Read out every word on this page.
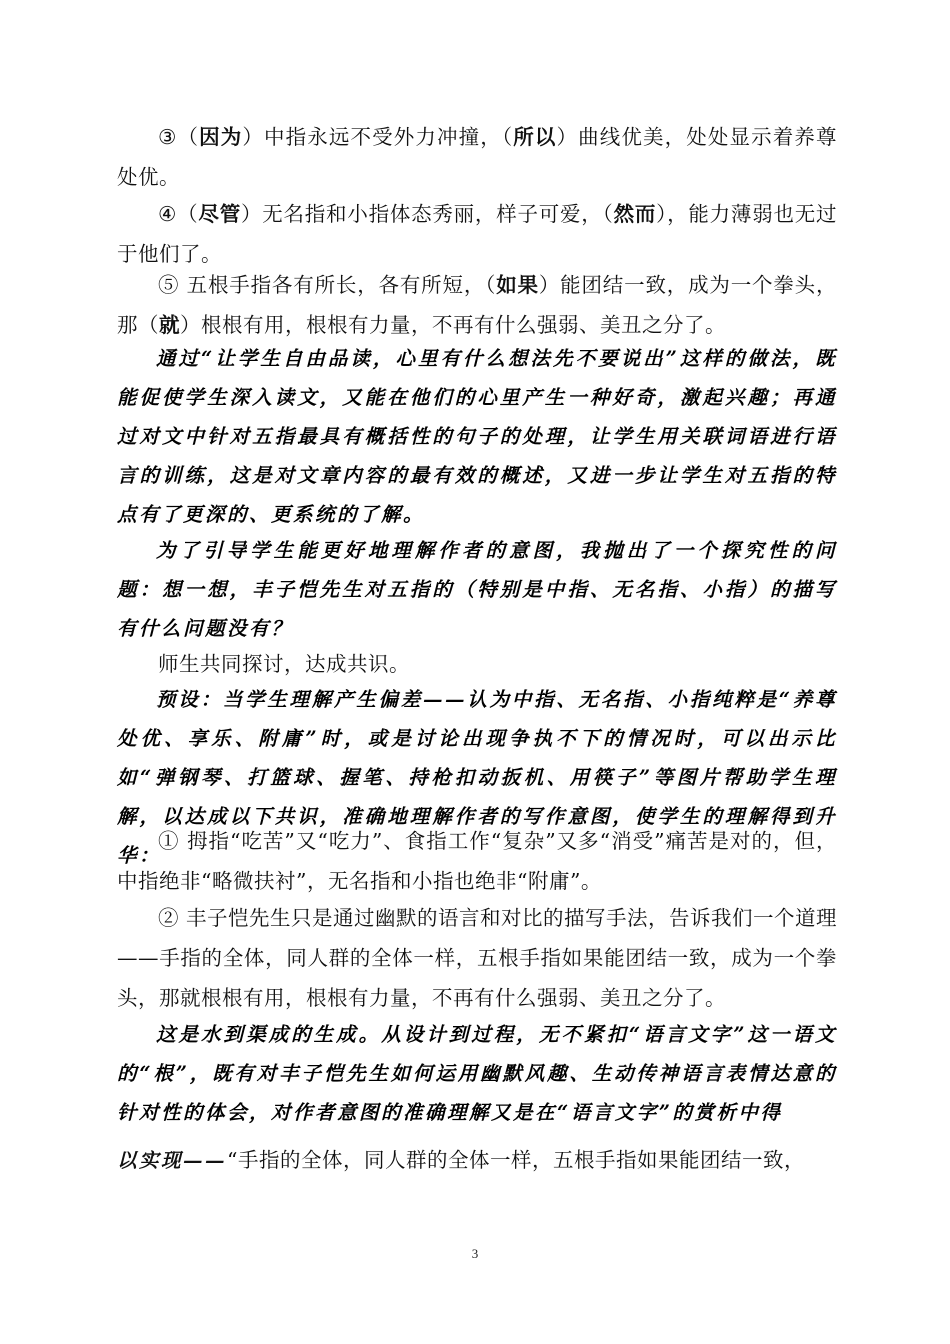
③（因为）中指永远不受外力冲撞，（所以）曲线优美，处处显示着养尊处优。

④（尽管）无名指和小指体态秀丽，样子可爱，（然而），能力薄弱也无过于他们了。

⑤ 五根手指各有所长，各有所短，（如果）能团结一致，成为一个拳头，那（就）根根有用，根根有力量，不再有什么强弱、美丑之分了。

通过“让学生自由品读，心里有什么想法先不要说出”这样的做法，既能促使学生深入读文，又能在他们的心里产生一种好奇，激起兴趣；再通过对文中针对五指最具有概括性的句子的处理，让学生用关联词语进行语言的训练，这是对文章内容的最有效的概述，又进一步让学生对五指的特点有了更深的、更系统的了解。

为了引导学生能更好地理解作者的意图，我抛出了一个探究性的问题：想一想，丰子恺先生对五指的（特别是中指、无名指、小指）的描写有什么问题没有？

师生共同探讨，达成共识。

预设：当学生理解产生偏差——认为中指、无名指、小指纯粹是“养尊处优、享乐、附庸”时，或是讨论出现争执不下的情况时，可以出示比如“弹钢琴、打篮球、握笔、持枪扣动扳机、用筷子”等图片帮助学生理解，以达成以下共识，准确地理解作者的写作意图，使学生的理解得到升华：

① 拇指“吃苦”又“吃力”、食指工作“复杂”又多“消受”痛苦是对的，但，中指绝非“略微扶衬”，无名指和小指也绝非“附庸”。

② 丰子恺先生只是通过幽默的语言和对比的描写手法，告诉我们一个道理——手指的全体，同人群的全体一样，五根手指如果能团结一致，成为一个拳头，那就根根有用，根根有力量，不再有什么强弱、美丑之分了。

这是水到渠成的生成。从设计到过程，无不紧扣“语言文字”这一语文的“根”，既有对丰子恺先生如何运用幽默风趣、生动传神语言表情达意的针对性的体会，对作者意图的准确理解又是在“语言文字”的赏析中得

以实现——“手指的全体，同人群的全体一样，五根手指如果能团结一致，

3
